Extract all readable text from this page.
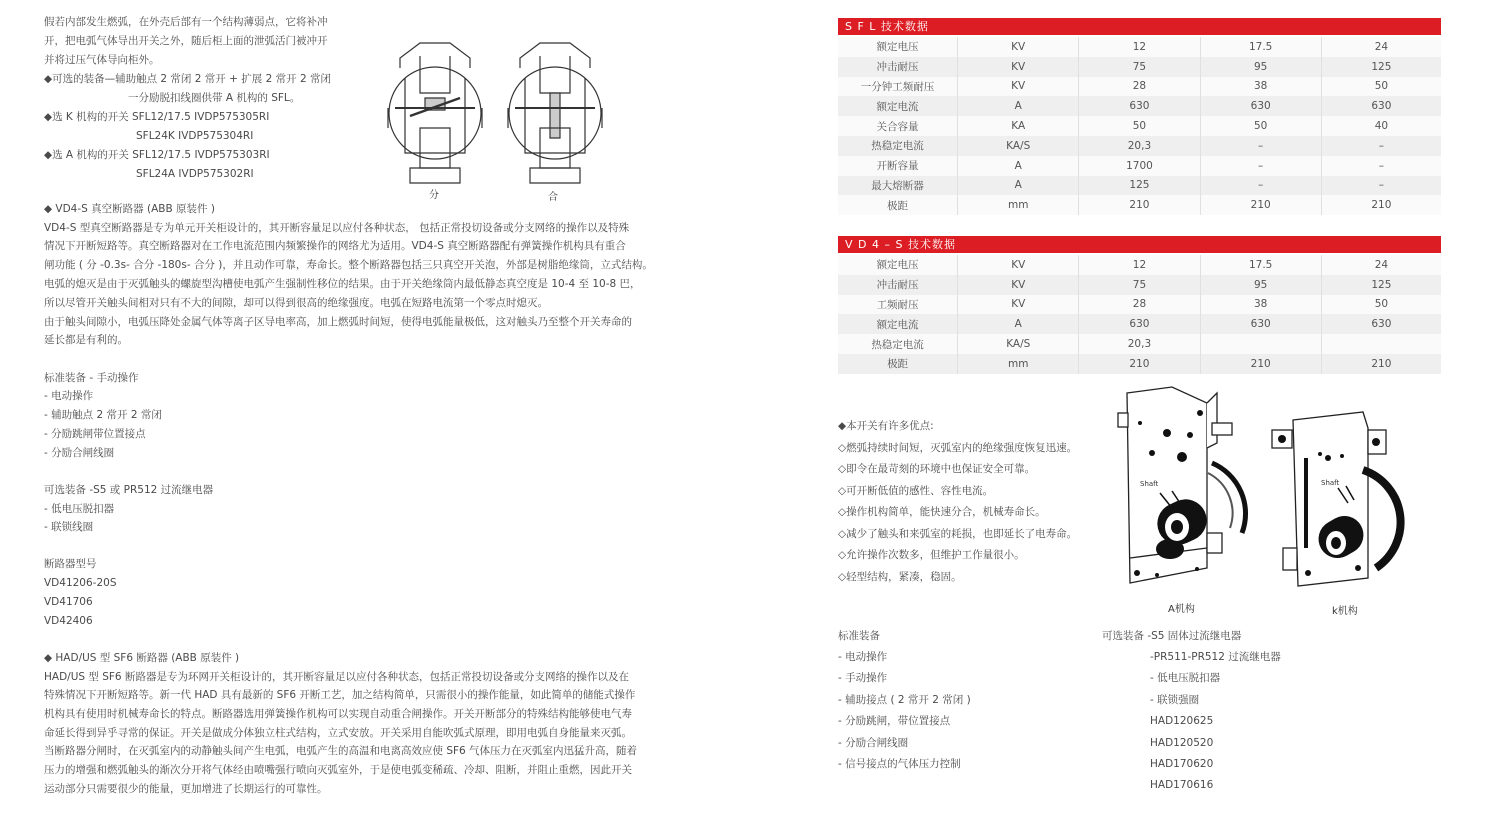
假若内部发生燃弧，在外壳后部有一个结构薄弱点，它将补冲
开，把电弧气体导出开关之外，随后柜上面的泄弧活门被冲开
并将过压气体导向柜外。
◆可选的装备—辅助触点 2 常闭 2 常开 + 扩展 2 常开 2 常闭
一分励脱扣线圈供带 A 机构的 SFL。
◆选 K 机构的开关 SFL12/17.5 IVDP575305RI
SFL24K IVDP575304RI
◆选 A 机构的开关 SFL12/17.5 IVDP575303RI
SFL24A IVDP575302RI
分	合
◆ VD4-S 真空断路器 (ABB 原装件 )
VD4-S 型真空断路器是专为单元开关柜设计的，其开断容量足以应付各种状态， 包括正常投切设备或分支网络的操作以及特殊
情况下开断短路等。真空断路器对在工作电流范围内频繁操作的网络尤为适用。VD4-S 真空断路器配有弹簧操作机构具有重合
闸功能 ( 分 -0.3s- 合分 -180s- 合分 )，并且动作可靠，寿命长。整个断路器包括三只真空开关泡，外部是树脂绝缘筒，立式结构。
电弧的熄灭是由于灭弧触头的螺旋型沟槽使电弧产生强制性移位的结果。由于开关绝缘筒内最低静态真空度是 10-4 至 10-8 巴，
所以尽管开关触头间相对只有不大的间隙，却可以得到很高的绝缘强度。电弧在短路电流第一个零点时熄灭。
由于触头间隙小，电弧压降处金属气体等离子区导电率高，加上燃弧时间短，使得电弧能量极低，这对触头乃至整个开关寿命的
延长都是有利的。
标准装备 - 手动操作
- 电动操作
- 辅助触点 2 常开 2 常闭
- 分励跳闸带位置接点
- 分励合闸线圈
可选装备 -S5 或 PR512 过流继电器
- 低电压脱扣器
- 联锁线圈
断路器型号
VD41206-20S
VD41706
VD42406
◆ HAD/US 型 SF6 断路器 (ABB 原装件 )
HAD/US 型 SF6 断路器是专为环网开关柜设计的，其开断容量足以应付各种状态，包括正常投切设备或分支网络的操作以及在
特殊情况下开断短路等。新一代 HAD 具有最新的 SF6 开断工艺，加之结构简单，只需很小的操作能量，如此简单的储能式操作
机构具有使用时机械寿命长的特点。断路器选用弹簧操作机构可以实现自动重合闸操作。开关开断部分的特殊结构能够使电气寿
命延长得到异乎寻常的保证。开关是做成分体独立柱式结构，立式安放。开关采用自能吹弧式原理，即用电弧自身能量来灭弧。
当断路器分闸时，在灭弧室内的动静触头间产生电弧，电弧产生的高温和电离高效应使 SF6 气体压力在灭弧室内迅猛升高，随着
压力的增强和燃弧触头的渐次分开将气体经由喷嘴强行喷向灭弧室外，于是使电弧变稀疏、冷却、阻断，并阻止重燃，因此开关
运动部分只需要很少的能量，更加增进了长期运行的可靠性。
S F L 技术数据
额定电压	KV	12	17.5	24
冲击耐压	KV	75	95	125
一分钟工频耐压	KV	28	38	50
额定电流	A	630	630	630
关合容量	KA	50	50	40
热稳定电流	KA/S	20,3	–	–
开断容量	A	1700	–	–
最大熔断器	A	125	–	–
极距	mm	210	210	210
V D 4 – S 技术数据
额定电压	KV	12	17.5	24
冲击耐压	KV	75	95	125
工频耐压	KV	28	38	50
额定电流	A	630	630	630
热稳定电流	KA/S	20,3		
极距	mm	210	210	210
◆本开关有许多优点:
◇燃弧持续时间短，灭弧室内的绝缘强度恢复迅速。
◇即令在最苛刻的环境中也保证安全可靠。
◇可开断低值的感性、容性电流。
◇操作机构简单，能快速分合，机械寿命长。
◇减少了触头和来弧室的耗损，也即延长了电寿命。
◇允许操作次数多，但维护工作量很小。
◇轻型结构，紧凑，稳固。
Shaft
A机构
Shaft
k机构
标准装备
- 电动操作
- 手动操作
- 辅助接点 ( 2 常开 2 常闭 )
- 分励跳闸，带位置接点
- 分励合闸线圈
- 信号接点的气体压力控制
可选装备 -S5 固体过流继电器
-PR511-PR512 过流继电器
- 低电压脱扣器
- 联锁强圈
HAD120625
HAD120520
HAD170620
HAD170616
